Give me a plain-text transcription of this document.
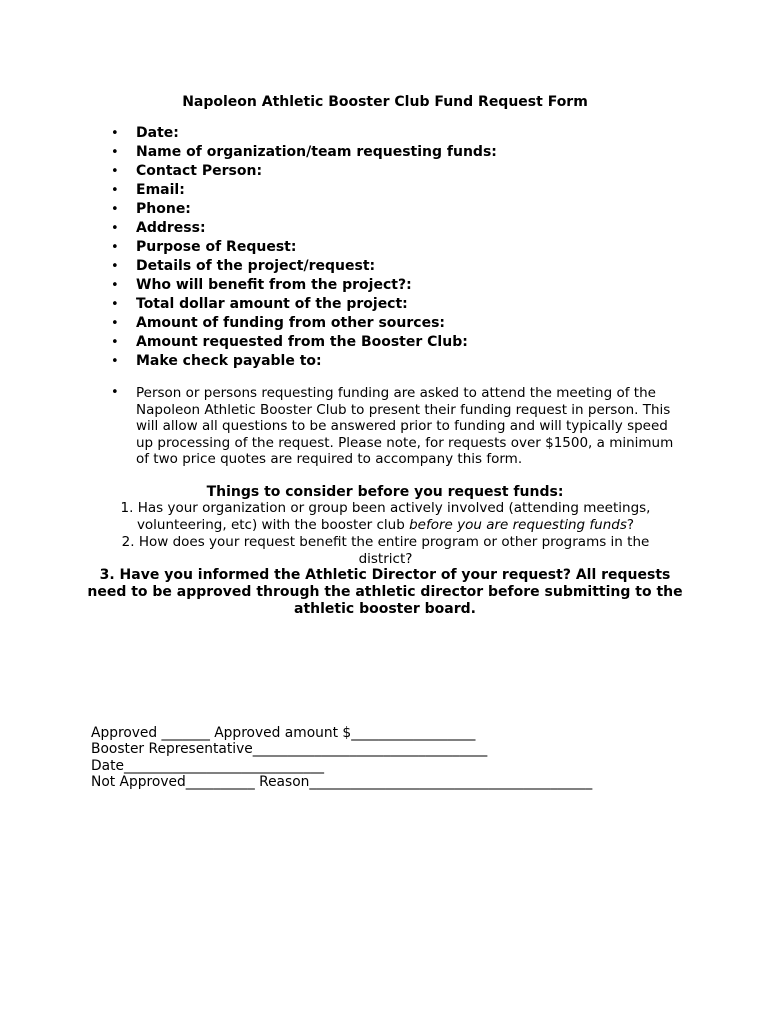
Napoleon Athletic Booster Club Fund Request Form
• Date:
• Name of organization/team requesting funds:
• Contact Person:
• Email:
• Phone:
• Address:
• Purpose of Request:
• Details of the project/request:
• Who will benefit from the project?:
• Total dollar amount of the project:
• Amount of funding from other sources:
• Amount requested from the Booster Club:
• Make check payable to:
• Person or persons requesting funding are asked to attend the meeting of the Napoleon Athletic Booster Club to present their funding request in person. This will allow all questions to be answered prior to funding and will typically speed up processing of the request. Please note, for requests over $1500, a minimum of two price quotes are required to accompany this form.

Things to consider before you request funds:
1. Has your organization or group been actively involved (attending meetings, volunteering, etc) with the booster club before you are requesting funds?
2. How does your request benefit the entire program or other programs in the district?
3. Have you informed the Athletic Director of your request? All requests need to be approved through the athletic director before submitting to the athletic booster board.
Approved _______ Approved amount $__________________
Booster Representative__________________________________
Date_____________________________
Not Approved__________ Reason_________________________________________
